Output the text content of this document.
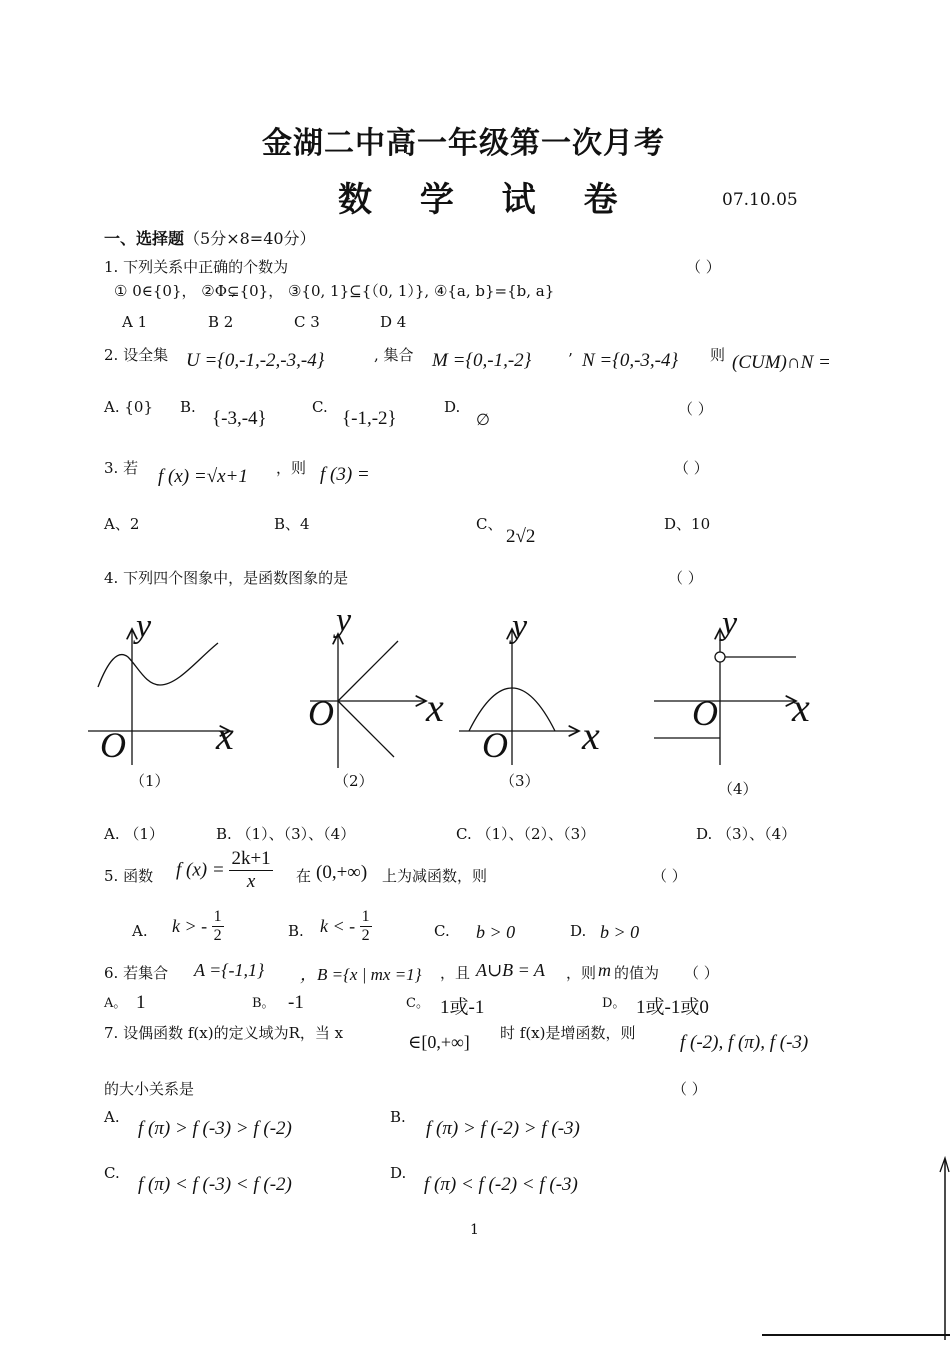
金湖二中高一年级第一次月考
数 学 试 卷	07.10.05
一、选择题（5分×8=40分）
1. 下列关系中正确的个数为	（ ）
① 0∈{0}， ②Φ⊊{0}， ③{0, 1}⊆{（0, 1）}, ④{a, b}={b, a}
A 1	B 2	C 3	D 4
2. 设全集 U ={0,-1,-2,-3,-4}	, 集合 M ={0,-1,-2} ’ N ={0,-3,-4} 则 (CUM)∩N =
（ ）
A. {0} B.
{-3,-4}
C.
{-1,-2}
D.
∅
3. 若 f (x) =√x+1 ，则 f (3) =	（ ）
A、2	B、4	C、
2√2
D、10
4. 下列四个图象中，是函数图象的是	（ ）
y
x
O
（1）
y
x
O
（2）
y
x
O
（3）
y
x
O
（4）
A. （1）	B. （1）、（3）、（4）	C. （1）、（2）、（3）	D. （3）、（4）
5. 函数 f $(x) = \frac{2k+1}{x}$ 在 (0,+∞) 上为减函数，则	（ ）
A. k > - $\frac{1}{2}$	B. k < - $\frac{1}{2}$	C. b > 0	D. b > 0
6. 若集合 A ={-1,1} ，B ={x | mx =1} ，且 A∪B = A ，则 m 的值为 （ ）
A。 1	B。 -1	C。 1或-1	D。 1或-1或0
7. 设偶函数 f(x)的定义域为R，当 x	∈[0,+∞] 时 f(x)是增函数，则 f (-2), f (π), f (-3)
的大小关系是	（ ）
A.
f (π) > f (-3) > f (-2)
B.
f (π) > f (-2) > f (-3)
C.
f (π) < f (-3) < f (-2)
D.
f (π) < f (-2) < f (-3)
1
